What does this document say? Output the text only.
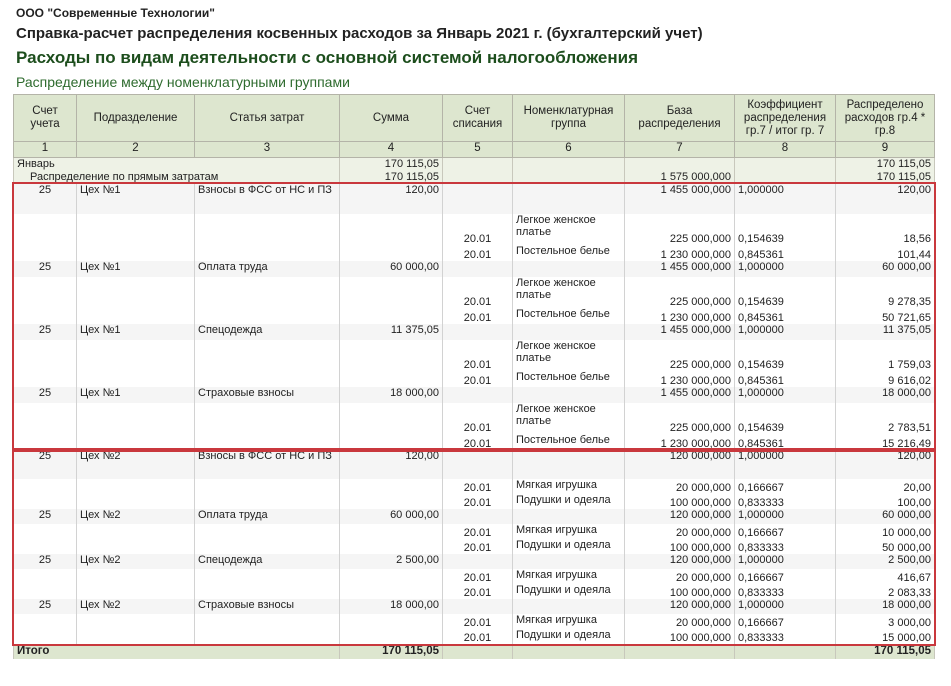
ООО "Современные Технологии"
Справка-расчет распределения косвенных расходов за Январь 2021 г. (бухгалтерский учет)
Расходы по видам деятельности с основной системой налогообложения
Распределение между номенклатурными группами
Счет учета	Подразделение	Статья затрат	Сумма	Счет списания	Номенклатурная группа	База распределения	Коэффициент распределения гр.7 / итог гр. 7	Распределено расходов гр.4 * гр.8
1	2	3	4	5	6	7	8	9
Январь			170 115,05					170 115,05
Распределение по прямым затратам			170 115,05			1 575 000,000		170 115,05
25	Цех №1	Взносы в ФСС от НС и ПЗ	120,00			1 455 000,000	1,000000	120,00
				20.01	Легкое женское платье	225 000,000	0,154639	18,56
				20.01	Постельное белье	1 230 000,000	0,845361	101,44
25	Цех №1	Оплата труда	60 000,00			1 455 000,000	1,000000	60 000,00
				20.01	Легкое женское платье	225 000,000	0,154639	9 278,35
				20.01	Постельное белье	1 230 000,000	0,845361	50 721,65
25	Цех №1	Спецодежда	11 375,05			1 455 000,000	1,000000	11 375,05
				20.01	Легкое женское платье	225 000,000	0,154639	1 759,03
				20.01	Постельное белье	1 230 000,000	0,845361	9 616,02
25	Цех №1	Страховые взносы	18 000,00			1 455 000,000	1,000000	18 000,00
				20.01	Легкое женское платье	225 000,000	0,154639	2 783,51
				20.01	Постельное белье	1 230 000,000	0,845361	15 216,49
25	Цех №2	Взносы в ФСС от НС и ПЗ	120,00			120 000,000	1,000000	120,00
				20.01	Мягкая игрушка	20 000,000	0,166667	20,00
				20.01	Подушки и одеяла	100 000,000	0,833333	100,00
25	Цех №2	Оплата труда	60 000,00			120 000,000	1,000000	60 000,00
				20.01	Мягкая игрушка	20 000,000	0,166667	10 000,00
				20.01	Подушки и одеяла	100 000,000	0,833333	50 000,00
25	Цех №2	Спецодежда	2 500,00			120 000,000	1,000000	2 500,00
				20.01	Мягкая игрушка	20 000,000	0,166667	416,67
				20.01	Подушки и одеяла	100 000,000	0,833333	2 083,33
25	Цех №2	Страховые взносы	18 000,00			120 000,000	1,000000	18 000,00
				20.01	Мягкая игрушка	20 000,000	0,166667	3 000,00
				20.01	Подушки и одеяла	100 000,000	0,833333	15 000,00
Итого			170 115,05					170 115,05
